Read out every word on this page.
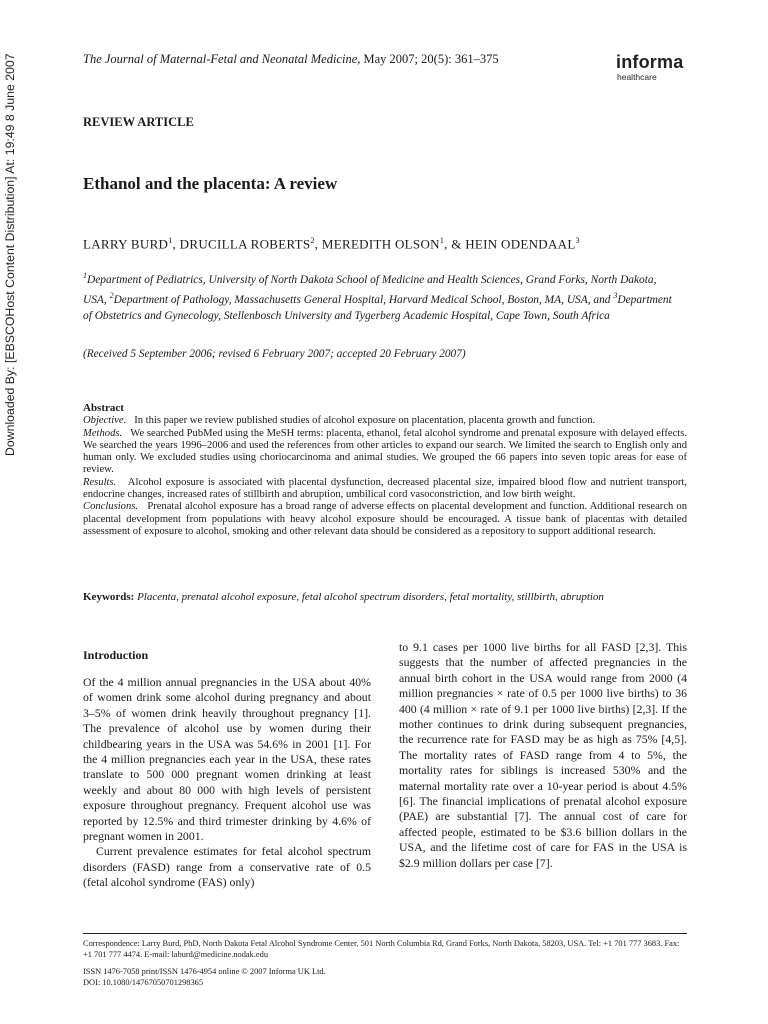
Downloaded By: [EBSCOHost Content Distribution] At: 19:49 8 June 2007	The Journal of Maternal-Fetal and Neonatal Medicine, May 2007; 20(5): 361–375	informa
healthcare
REVIEW ARTICLE
Ethanol and the placenta: A review
LARRY BURD$^1$, DRUCILLA ROBERTS$^2$, MEREDITH OLSON$^1$, & HEIN ODENDAAL$^3$
$^1$Department of Pediatrics, University of North Dakota School of Medicine and Health Sciences, Grand Forks, North Dakota, USA, $^2$Department of Pathology, Massachusetts General Hospital, Harvard Medical School, Boston, MA, USA, and $^3$Department of Obstetrics and Gynecology, Stellenbosch University and Tygerberg Academic Hospital, Cape Town, South Africa
(Received 5 September 2006; revised 6 February 2007; accepted 20 February 2007)
Abstract

Objective. In this paper we review published studies of alcohol exposure on placentation, placenta growth and function.

Methods. We searched PubMed using the MeSH terms: placenta, ethanol, fetal alcohol syndrome and prenatal exposure with delayed effects. We searched the years 1996–2006 and used the references from other articles to expand our search. We limited the search to English only and human only. We excluded studies using choriocarcinoma and animal studies. We grouped the 66 papers into seven topic areas for ease of review.

Results. Alcohol exposure is associated with placental dysfunction, decreased placental size, impaired blood flow and nutrient transport, endocrine changes, increased rates of stillbirth and abruption, umbilical cord vasoconstriction, and low birth weight.

Conclusions. Prenatal alcohol exposure has a broad range of adverse effects on placental development and function. Additional research on placental development from populations with heavy alcohol exposure should be encouraged. A tissue bank of placentas with detailed assessment of exposure to alcohol, smoking and other relevant data should be considered as a repository to support additional research.

Keywords: Placenta, prenatal alcohol exposure, fetal alcohol spectrum disorders, fetal mortality, stillbirth, abruption
Introduction

Of the 4 million annual pregnancies in the USA about 40% of women drink some alcohol during pregnancy and about 3–5% of women drink heavily throughout pregnancy [1]. The prevalence of alcohol use by women during their childbearing years in the USA was 54.6% in 2001 [1]. For the 4 million pregnancies each year in the USA, these rates translate to 500 000 pregnant women drinking at least weekly and about 80 000 with high levels of persistent exposure throughout pregnancy. Frequent alcohol use was reported by 12.5% and third trimester drinking by 4.6% of pregnant women in 2001.

Current prevalence estimates for fetal alcohol spectrum disorders (FASD) range from a conservative rate of 0.5 (fetal alcohol syndrome (FAS) only)

to 9.1 cases per 1000 live births for all FASD [2,3]. This suggests that the number of affected pregnancies in the annual birth cohort in the USA would range from 2000 (4 million pregnancies × rate of 0.5 per 1000 live births) to 36 400 (4 million × rate of 9.1 per 1000 live births) [2,3]. If the mother continues to drink during subsequent pregnancies, the recurrence rate for FASD may be as high as 75% [4,5]. The mortality rates of FASD range from 4 to 5%, the mortality rates for siblings is increased 530% and the maternal mortality rate over a 10-year period is about 4.5% [6]. The financial implications of prenatal alcohol exposure (PAE) are substantial [7]. The annual cost of care for affected people, estimated to be $3.6 billion dollars in the USA, and the lifetime cost of care for FAS in the USA is $2.9 million dollars per case [7].

Correspondence: Larry Burd, PhD, North Dakota Fetal Alcohol Syndrome Center, 501 North Columbia Rd, Grand Forks, North Dakota, 58203, USA. Tel: +1 701 777 3683. Fax: +1 701 777 4474. E-mail: laburd@medicine.nodak.edu
ISSN 1476-7058 print/ISSN 1476-4954 online © 2007 Informa UK Ltd.
DOI: 10.1080/14767050701298365
